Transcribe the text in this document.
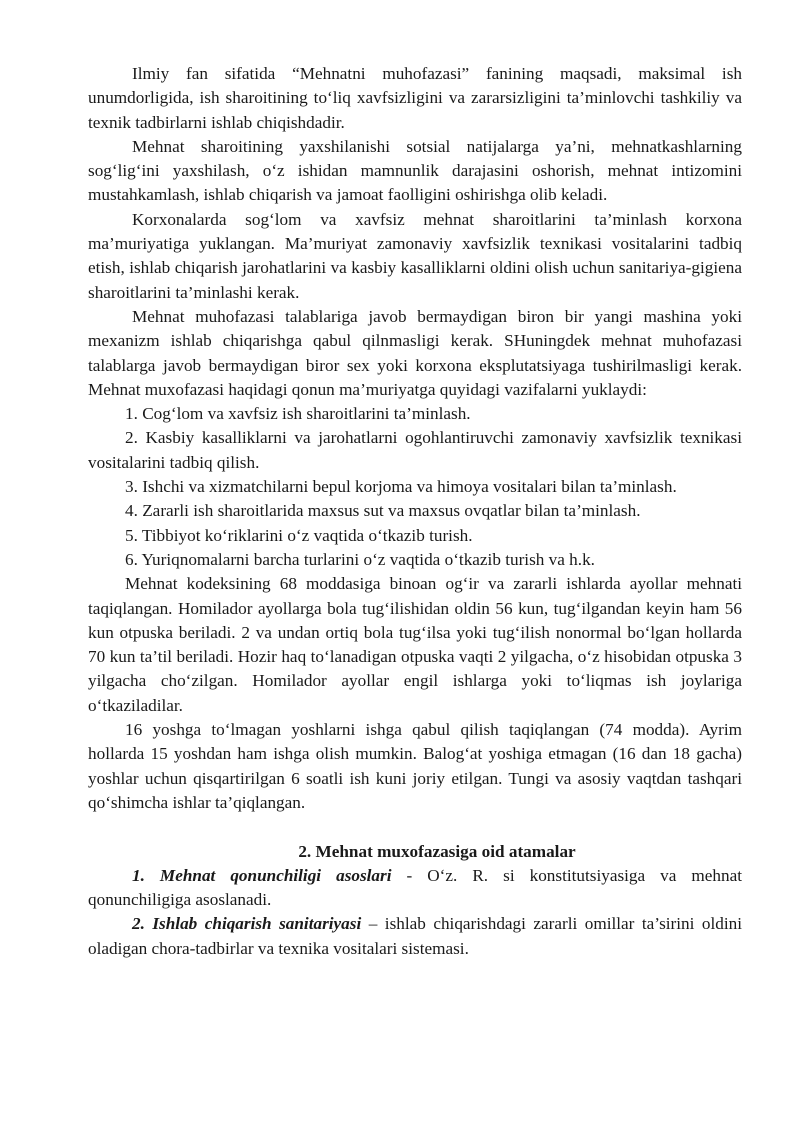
Ilmiy fan sifatida “Mehnatni muhofazasi” fanining maqsadi, maksimal ish unumdorligida, ish sharoitining to‘liq xavfsizligini va zararsizligini ta’minlovchi tashkiliy va texnik tadbirlarni ishlab chiqishdadir.

Mehnat sharoitining yaxshilanishi sotsial natijalarga ya’ni, mehnatkashlarning sog‘lig‘ini yaxshilash, o‘z ishidan mamnunlik darajasini oshorish, mehnat intizomini mustahkamlash, ishlab chiqarish va jamoat faolligini oshirishga olib keladi.

Korxonalarda sog‘lom va xavfsiz mehnat sharoitlarini ta’minlash korxona ma’muriyatiga yuklangan. Ma’muriyat zamonaviy xavfsizlik texnikasi vositalarini tadbiq etish, ishlab chiqarish jarohatlarini va kasbiy kasalliklarni oldini olish uchun sanitariya-gigiena sharoitlarini ta’minlashi kerak.

Mehnat muhofazasi talablariga javob bermaydigan biron bir yangi mashina yoki mexanizm ishlab chiqarishga qabul qilnmasligi kerak. SHuningdek mehnat muhofazasi talablarga javob bermaydigan biror sex yoki korxona eksplutatsiyaga tushirilmasligi kerak. Mehnat muxofazasi haqidagi qonun ma’muriyatga quyidagi vazifalarni yuklaydi:

1. Cog‘lom va xavfsiz ish sharoitlarini ta’minlash.

2. Kasbiy kasalliklarni va jarohatlarni ogohlantiruvchi zamonaviy xavfsizlik texnikasi vositalarini tadbiq qilish.

3. Ishchi va xizmatchilarni bepul korjoma va himoya vositalari bilan ta’minlash.

4. Zararli ish sharoitlarida maxsus sut va maxsus ovqatlar bilan ta’minlash.

5. Tibbiyot ko‘riklarini o‘z vaqtida o‘tkazib turish.

6. Yuriqnomalarni barcha turlarini o‘z vaqtida o‘tkazib turish va h.k.

Mehnat kodeksining 68 moddasiga binoan og‘ir va zararli ishlarda ayollar mehnati taqiqlangan. Homilador ayollarga bola tug‘ilishidan oldin 56 kun, tug‘ilgandan keyin ham 56 kun otpuska beriladi. 2 va undan ortiq bola tug‘ilsa yoki tug‘ilish nonormal bo‘lgan hollarda 70 kun ta’til beriladi. Hozir haq to‘lanadigan otpuska vaqti 2 yilgacha, o‘z hisobidan otpuska 3 yilgacha cho‘zilgan. Homilador ayollar engil ishlarga yoki to‘liqmas ish joylariga o‘tkaziladilar.

16 yoshga to‘lmagan yoshlarni ishga qabul qilish taqiqlangan (74 modda). Ayrim hollarda 15 yoshdan ham ishga olish mumkin. Balog‘at yoshiga etmagan (16 dan 18 gacha) yoshlar uchun qisqartirilgan 6 soatli ish kuni joriy etilgan. Tungi va asosiy vaqtdan tashqari qo‘shimcha ishlar ta’qiqlangan.

2. Mehnat muxofazasiga oid atamalar

1. Mehnat qonunchiligi asoslari - O‘z. R. si konstitutsiyasiga va mehnat qonunchiligiga asoslanadi.

2. Ishlab chiqarish sanitariyasi – ishlab chiqarishdagi zararli omillar ta’sirini oldini oladigan chora-tadbirlar va texnika vositalari sistemasi.
